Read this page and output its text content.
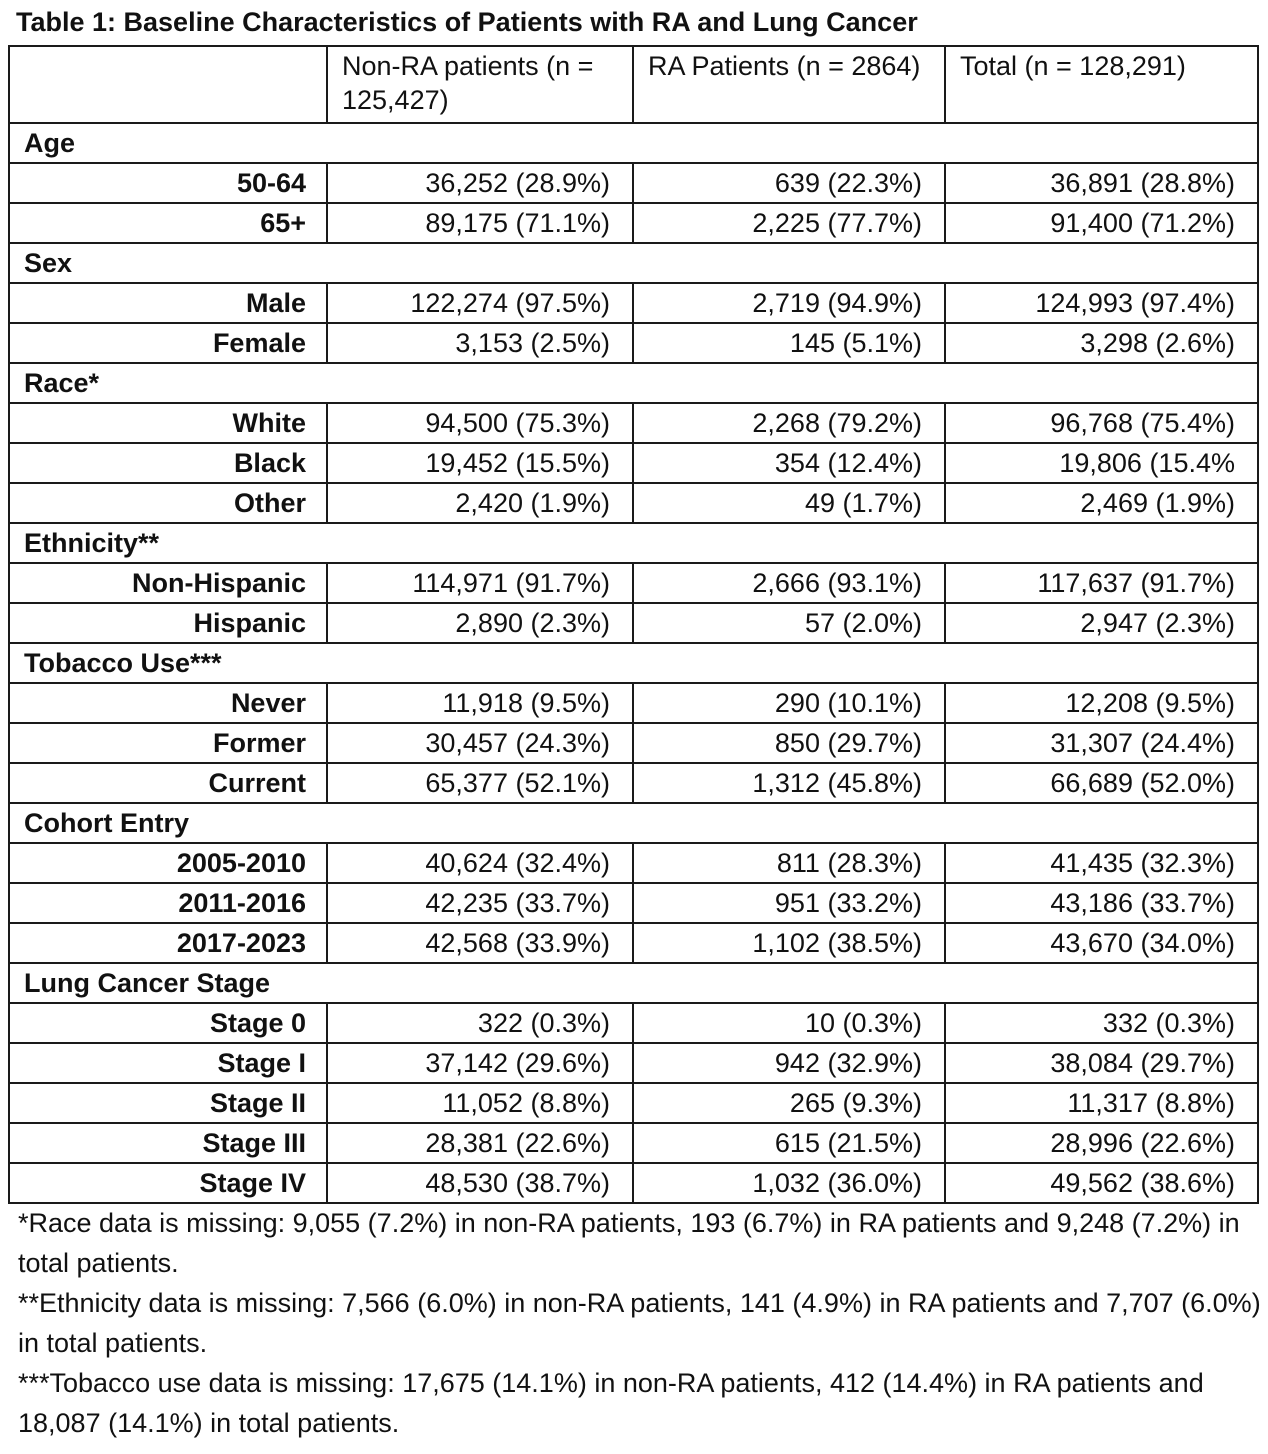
Table 1: Baseline Characteristics of Patients with RA and Lung Cancer
	Non-RA patients (n = 125,427)	RA Patients (n = 2864)	Total (n = 128,291)
Age			
50-64	36,252 (28.9%)	639 (22.3%)	36,891 (28.8%)
65+	89,175 (71.1%)	2,225 (77.7%)	91,400 (71.2%)
Sex			
Male	122,274 (97.5%)	2,719 (94.9%)	124,993 (97.4%)
Female	3,153 (2.5%)	145 (5.1%)	3,298 (2.6%)
Race*			
White	94,500 (75.3%)	2,268 (79.2%)	96,768 (75.4%)
Black	19,452 (15.5%)	354 (12.4%)	19,806 (15.4%
Other	2,420 (1.9%)	49 (1.7%)	2,469 (1.9%)
Ethnicity**			
Non-Hispanic	114,971 (91.7%)	2,666 (93.1%)	117,637 (91.7%)
Hispanic	2,890 (2.3%)	57 (2.0%)	2,947 (2.3%)
Tobacco Use***			
Never	11,918 (9.5%)	290 (10.1%)	12,208 (9.5%)
Former	30,457 (24.3%)	850 (29.7%)	31,307 (24.4%)
Current	65,377 (52.1%)	1,312 (45.8%)	66,689 (52.0%)
Cohort Entry			
2005-2010	40,624 (32.4%)	811 (28.3%)	41,435 (32.3%)
2011-2016	42,235 (33.7%)	951 (33.2%)	43,186 (33.7%)
2017-2023	42,568 (33.9%)	1,102 (38.5%)	43,670 (34.0%)
Lung Cancer Stage			
Stage 0	322 (0.3%)	10 (0.3%)	332 (0.3%)
Stage I	37,142 (29.6%)	942 (32.9%)	38,084 (29.7%)
Stage II	11,052 (8.8%)	265 (9.3%)	11,317 (8.8%)
Stage III	28,381 (22.6%)	615 (21.5%)	28,996 (22.6%)
Stage IV	48,530 (38.7%)	1,032 (36.0%)	49,562 (38.6%)

*Race data is missing: 9,055 (7.2%) in non-RA patients, 193 (6.7%) in RA patients and 9,248 (7.2%) in total patients.

**Ethnicity data is missing: 7,566 (6.0%) in non-RA patients, 141 (4.9%) in RA patients and 7,707 (6.0%) in total patients.

***Tobacco use data is missing: 17,675 (14.1%) in non-RA patients, 412 (14.4%) in RA patients and 18,087 (14.1%) in total patients.
